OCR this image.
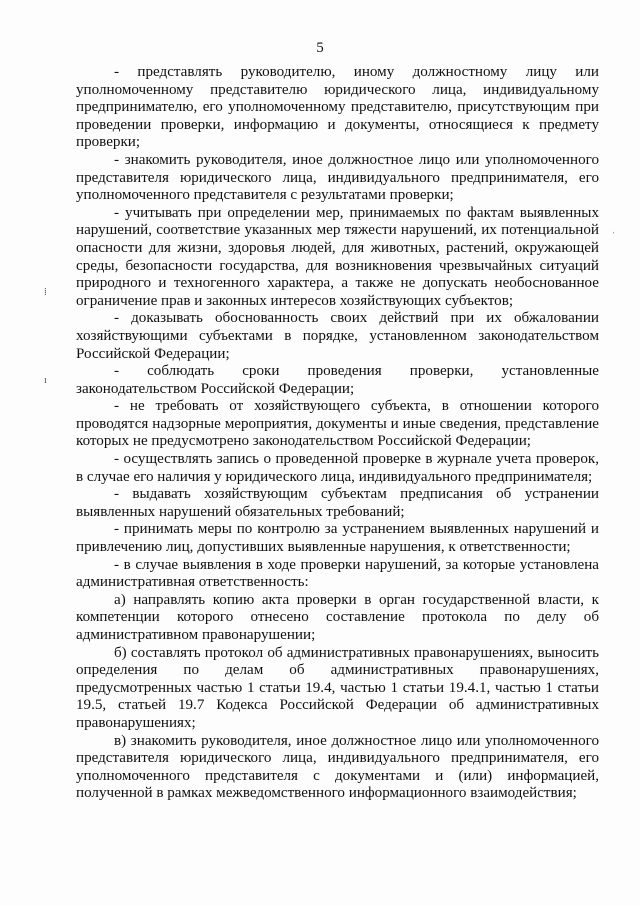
5

- представлять руководителю, иному должностному лицу или уполномоченному представителю юридического лица, индивидуальному предпринимателю, его уполномоченному представителю, присутствующим при проведении проверки, информацию и документы, относящиеся к предмету проверки;

- знакомить руководителя, иное должностное лицо или уполномоченного представителя юридического лица, индивидуального предпринимателя, его уполномоченного представителя с результатами проверки;

- учитывать при определении мер, принимаемых по фактам выявленных нарушений, соответствие указанных мер тяжести нарушений, их потенциальной опасности для жизни, здоровья людей, для животных, растений, окружающей среды, безопасности государства, для возникновения чрезвычайных ситуаций природного и техногенного характера, а также не допускать необоснованное ограничение прав и законных интересов хозяйствующих субъектов;

- доказывать обоснованность своих действий при их обжаловании хозяйствующими субъектами в порядке, установленном законодательством Российской Федерации;

- соблюдать сроки проведения проверки, установленные законодательством Российской Федерации;

- не требовать от хозяйствующего субъекта, в отношении которого проводятся надзорные мероприятия, документы и иные сведения, представление которых не предусмотрено законодательством Российской Федерации;

- осуществлять запись о проведенной проверке в журнале учета проверок, в случае его наличия у юридического лица, индивидуального предпринимателя;

- выдавать хозяйствующим субъектам предписания об устранении выявленных нарушений обязательных требований;

- принимать меры по контролю за устранением выявленных нарушений и привлечению лиц, допустивших выявленные нарушения, к ответственности;

- в случае выявления в ходе проверки нарушений, за которые установлена административная ответственность:

а) направлять копию акта проверки в орган государственной власти, к компетенции которого отнесено составление протокола по делу об административном правонарушении;

б) составлять протокол об административных правонарушениях, выносить определения по делам об административных правонарушениях, предусмотренных частью 1 статьи 19.4, частью 1 статьи 19.4.1, частью 1 статьи 19.5, статьей 19.7 Кодекса Российской Федерации об административных правонарушениях;

в) знакомить руководителя, иное должностное лицо или уполномоченного представителя юридического лица, индивидуального предпринимателя, его уполномоченного представителя с документами и (или) информацией, полученной в рамках межведомственного информационного взаимодействия;

⁞
ı
ˈ
